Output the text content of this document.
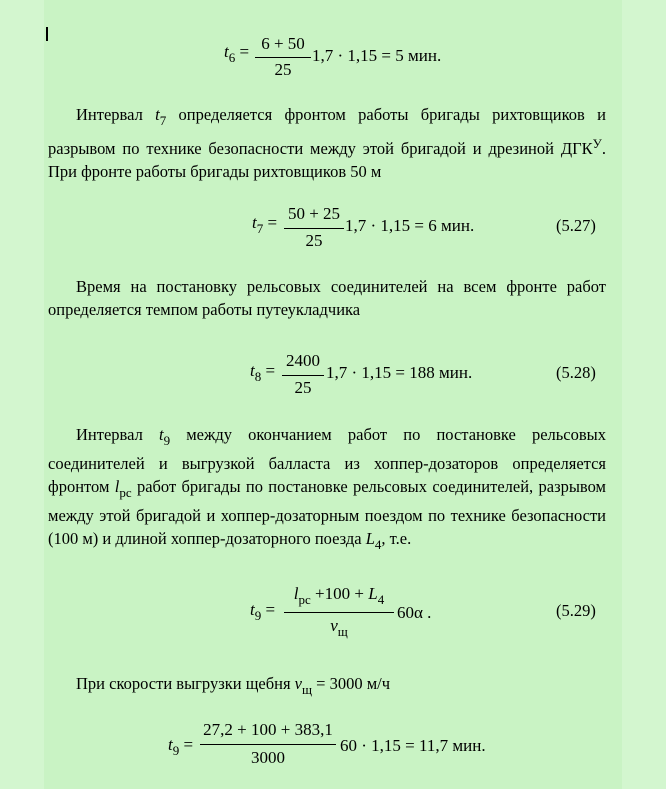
$t_6 = 6 + 50$
25
1,7 · 1,15 = 5 мин.
Интервал $t_7$ определяется фронтом работы бригады рихтовщиков и разрывом по технике безопасности между этой бригадой и дрезиной $ДГК^У$. При фронте работы бригады рихтовщиков 50 м
$t_7 = 50 + 25$
25
1,7 · 1,15 = 6 мин.	(5.27)
Время на постановку рельсовых соединителей на всем фронте работ определяется темпом работы путеукладчика
$t_8$ =
2400
25
1,7 · 1,15 = 188 мин.	(5.28)
Интервал $t_9$ между окончанием работ по постановке рельсовых соединителей и выгрузкой балласта из хоппер-дозаторов определяется фронтом $l_{рс}$ работ бригады по постановке рельсовых соединителей, разрывом между этой бригадой и хоппер-дозаторным поездом по технике безопасности (100 м) и длиной хоппер-дозаторного поезда $L_4$, т.е.
$t_9$ =
$l_{рс} +100 + L_4$
$v_щ$
60α .	(5.29)
При скорости выгрузки щебня $v_щ = 3000$ м/ч
$t_9$ =
27,2 + 100 + 383,1
3000
60 · 1,15 = 11,7 мин.
